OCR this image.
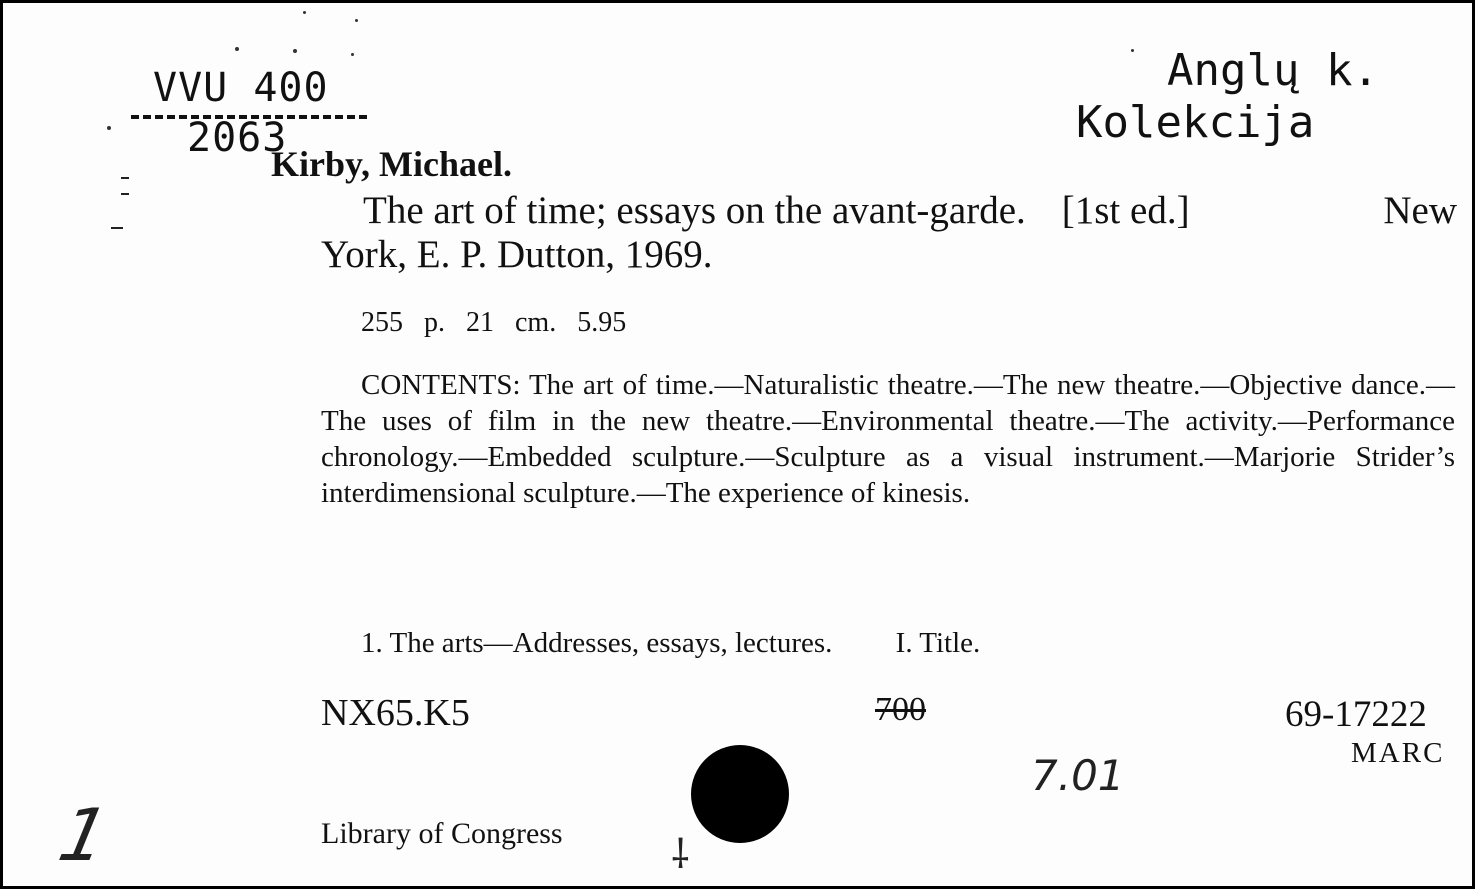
VVU 400
2063
Anglų k.
Kolekcija
Kirby, Michael.
The art of time; essays on the avant-garde. [1st ed.]	New
York, E. P. Dutton, 1969.
255 p. 21 cm. 5.95
CONTENTS: The art of time.—Naturalistic theatre.—The new theatre.—Objective dance.—The uses of film in the new theatre.—Environmental theatre.—The activity.—Performance chronology.—Embedded sculpture.—Sculpture as a visual instrument.—Marjorie Strider’s interdimensional sculpture.—The experience of kinesis.
1. The arts—Addresses, essays, lectures. I. Title.
NX65.K5	700	69-17222
MARC
7.01
1	Library of Congress	⸸
